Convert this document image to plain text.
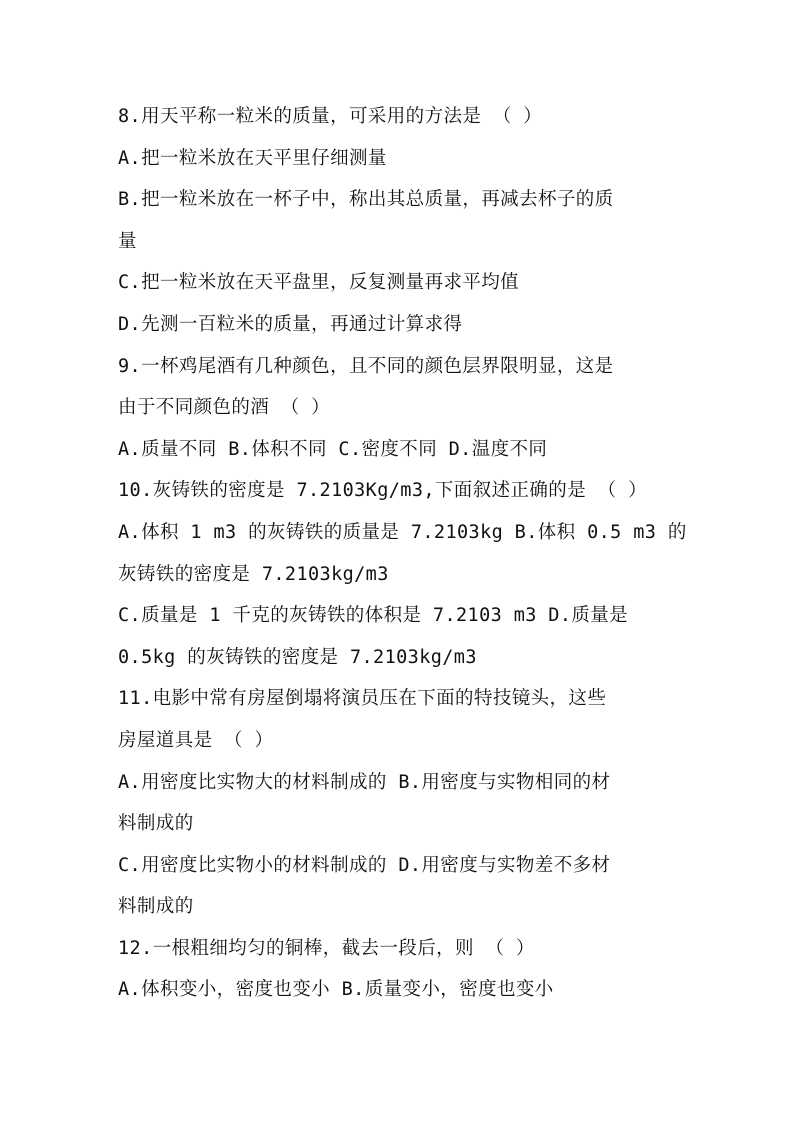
8.用天平称一粒米的质量，可采用的方法是 （ ）
A.把一粒米放在天平里仔细测量
B.把一粒米放在一杯子中，称出其总质量，再减去杯子的质
量
C.把一粒米放在天平盘里，反复测量再求平均值
D.先测一百粒米的质量，再通过计算求得
9.一杯鸡尾酒有几种颜色，且不同的颜色层界限明显，这是
由于不同颜色的酒 （ ）
A.质量不同 B.体积不同 C.密度不同 D.温度不同
10.灰铸铁的密度是 7.2103Kg/m3,下面叙述正确的是 （ ）
A.体积 1 m3 的灰铸铁的质量是 7.2103kg B.体积 0.5 m3 的
灰铸铁的密度是 7.2103kg/m3
C.质量是 1 千克的灰铸铁的体积是 7.2103 m3 D.质量是
0.5kg 的灰铸铁的密度是 7.2103kg/m3
11.电影中常有房屋倒塌将演员压在下面的特技镜头，这些
房屋道具是 （ ）
A.用密度比实物大的材料制成的 B.用密度与实物相同的材
料制成的
C.用密度比实物小的材料制成的 D.用密度与实物差不多材
料制成的
12.一根粗细均匀的铜棒，截去一段后，则 （ ）
A.体积变小，密度也变小 B.质量变小，密度也变小
